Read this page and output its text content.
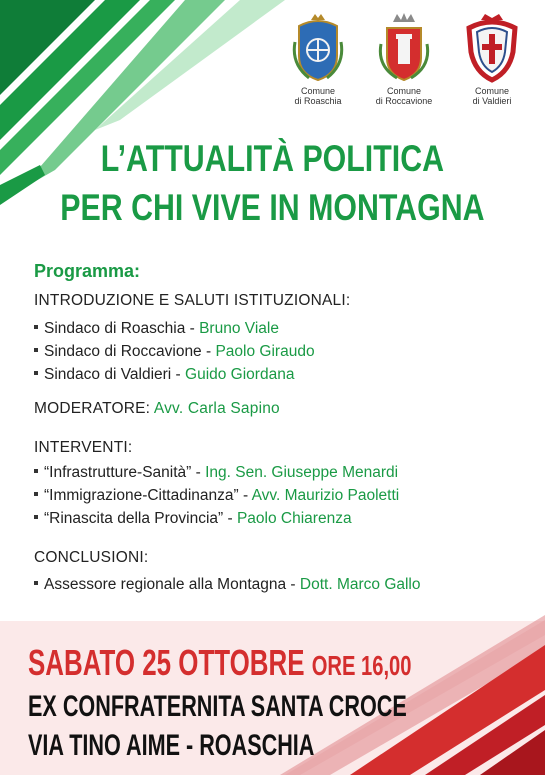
Comune
di Roaschia
Comune
di Roccavione
Comune
di Valdieri
L’ATTUALITÀ POLITICA
PER CHI VIVE IN MONTAGNA
Programma:
INTRODUZIONE E SALUTI ISTITUZIONALI:
Sindaco di Roaschia - Bruno Viale
Sindaco di Roccavione - Paolo Giraudo
Sindaco di Valdieri - Guido Giordana
MODERATORE: Avv. Carla Sapino
INTERVENTI:
“Infrastrutture-Sanità” - Ing. Sen. Giuseppe Menardi
“Immigrazione-Cittadinanza” - Avv. Maurizio Paoletti
“Rinascita della Provincia” - Paolo Chiarenza
CONCLUSIONI:
Assessore regionale alla Montagna - Dott. Marco Gallo
SABATO 25 OTTOBRE ORE 16,00
EX CONFRATERNITA SANTA CROCE
VIA TINO AIME - ROASCHIA
